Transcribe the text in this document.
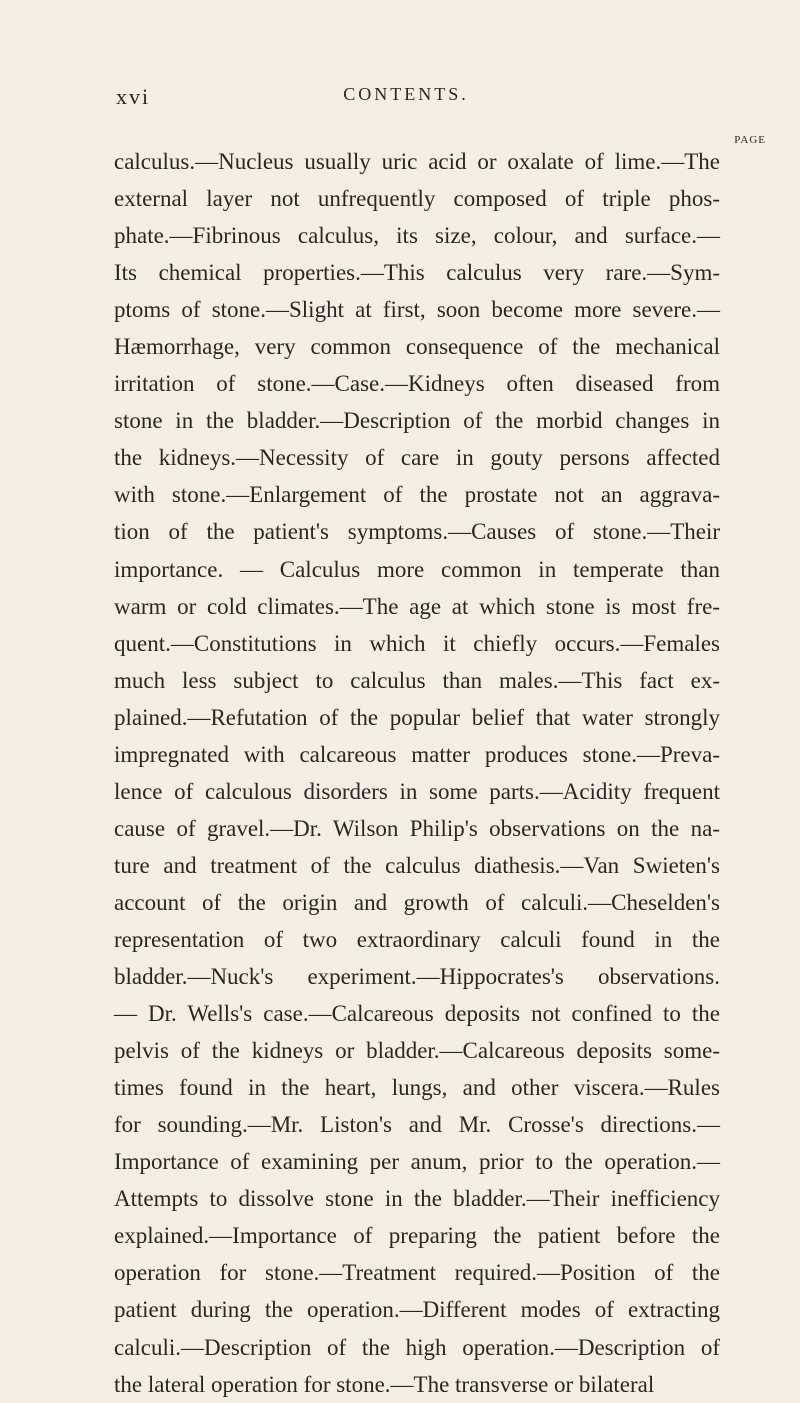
xvi	CONTENTS.
PAGE
calculus.—Nucleus usually uric acid or oxalate of lime.—The
external layer not unfrequently composed of triple phos-
phate.—Fibrinous calculus, its size, colour, and surface.—
Its chemical properties.—This calculus very rare.—Sym-
ptoms of stone.—Slight at first, soon become more severe.—
Hæmorrhage, very common consequence of the mechanical
irritation of stone.—Case.—Kidneys often diseased from
stone in the bladder.—Description of the morbid changes in
the kidneys.—Necessity of care in gouty persons affected
with stone.—Enlargement of the prostate not an aggrava-
tion of the patient's symptoms.—Causes of stone.—Their
importance. — Calculus more common in temperate than
warm or cold climates.—The age at which stone is most fre-
quent.—Constitutions in which it chiefly occurs.—Females
much less subject to calculus than males.—This fact ex-
plained.—Refutation of the popular belief that water strongly
impregnated with calcareous matter produces stone.—Preva-
lence of calculous disorders in some parts.—Acidity frequent
cause of gravel.—Dr. Wilson Philip's observations on the na-
ture and treatment of the calculus diathesis.—Van Swieten's
account of the origin and growth of calculi.—Cheselden's
representation of two extraordinary calculi found in the
bladder.—Nuck's experiment.—Hippocrates's observations.
— Dr. Wells's case.—Calcareous deposits not confined to the
pelvis of the kidneys or bladder.—Calcareous deposits some-
times found in the heart, lungs, and other viscera.—Rules
for sounding.—Mr. Liston's and Mr. Crosse's directions.—
Importance of examining per anum, prior to the operation.—
Attempts to dissolve stone in the bladder.—Their inefficiency
explained.—Importance of preparing the patient before the
operation for stone.—Treatment required.—Position of the
patient during the operation.—Different modes of extracting
calculi.—Description of the high operation.—Description of
the lateral operation for stone.—The transverse or bilateral
